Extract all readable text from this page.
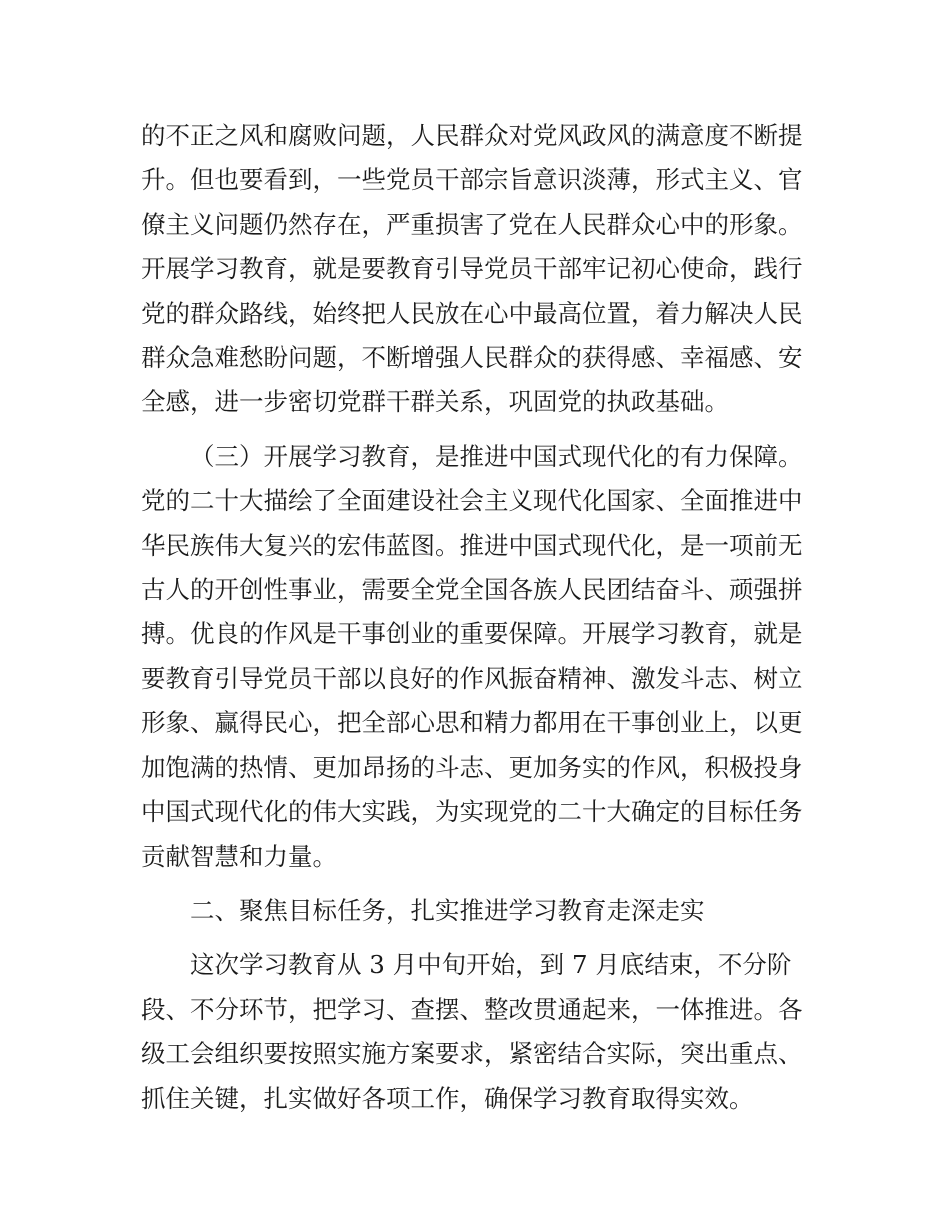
的不正之风和腐败问题，人民群众对党风政风的满意度不断提

升。但也要看到，一些党员干部宗旨意识淡薄，形式主义、官

僚主义问题仍然存在，严重损害了党在人民群众心中的形象。

开展学习教育，就是要教育引导党员干部牢记初心使命，践行

党的群众路线，始终把人民放在心中最高位置，着力解决人民

群众急难愁盼问题，不断增强人民群众的获得感、幸福感、安

全感，进一步密切党群干群关系，巩固党的执政基础。

（三）开展学习教育，是推进中国式现代化的有力保障。

党的二十大描绘了全面建设社会主义现代化国家、全面推进中

华民族伟大复兴的宏伟蓝图。推进中国式现代化，是一项前无

古人的开创性事业，需要全党全国各族人民团结奋斗、顽强拼

搏。优良的作风是干事创业的重要保障。开展学习教育，就是

要教育引导党员干部以良好的作风振奋精神、激发斗志、树立

形象、赢得民心，把全部心思和精力都用在干事创业上，以更

加饱满的热情、更加昂扬的斗志、更加务实的作风，积极投身

中国式现代化的伟大实践，为实现党的二十大确定的目标任务

贡献智慧和力量。

二、聚焦目标任务，扎实推进学习教育走深走实

这次学习教育从 3 月中旬开始，到 7 月底结束，不分阶

段、不分环节，把学习、查摆、整改贯通起来，一体推进。各

级工会组织要按照实施方案要求，紧密结合实际，突出重点、

抓住关键，扎实做好各项工作，确保学习教育取得实效。
